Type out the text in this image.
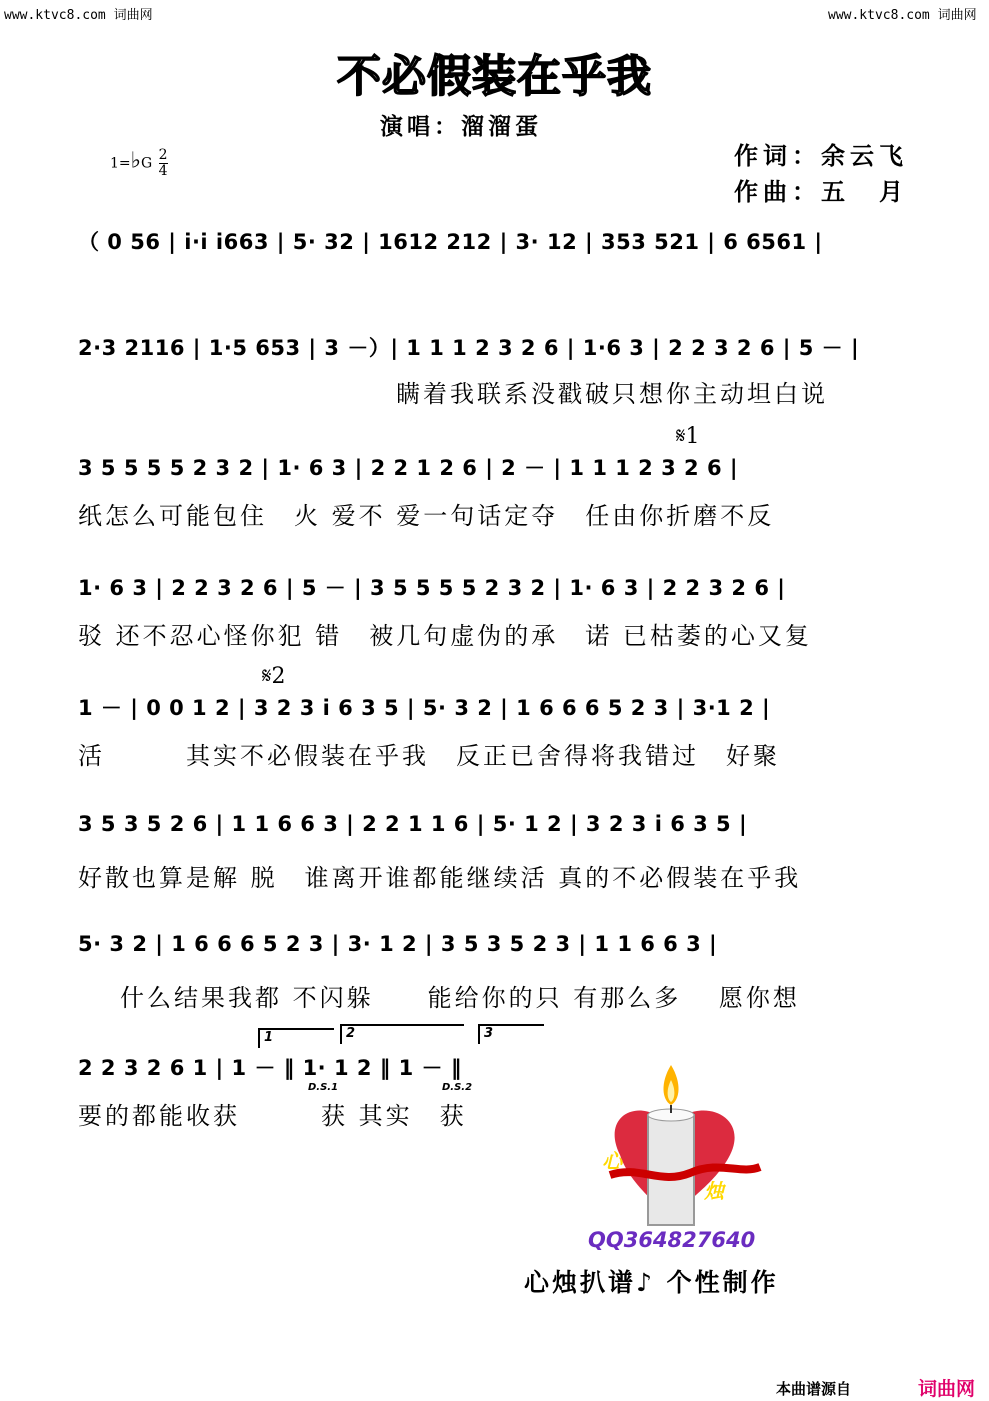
www.ktvc8.com 词曲网	www.ktvc8.com 词曲网
不必假装在乎我
演唱：溜溜蛋
作词：余云飞
作曲：五　月
1=♭G $\frac{2}{4}$
（ 0 56 | i·i i663 | 5· 32 | 1612 212 | 3· 12 | 353 521 | 6 6561 |
2·3 2116 | 1·5 653 | 3 －）| 1 1 1 2 3 2 6 | 1·6 3 | 2 2 3 2 6 | 5 － |
瞒着我联系没戳破只想你主动坦白说
𝄋1
3 5 5 5 5 2 3 2 | 1· 6 3 | 2 2 1 2 6 | 2 － | 1 1 1 2 3 2 6 |
纸怎么可能包住　火 爱不 爱一句话定夺　任由你折磨不反
1· 6 3 | 2 2 3 2 6 | 5 － | 3 5 5 5 5 2 3 2 | 1· 6 3 | 2 2 3 2 6 |
驳 还不忍心怪你犯 错　被几句虚伪的承　诺 已枯萎的心又复
𝄋2
1 － | 0 0 1 2 | 3 2 3 i 6 3 5 | 5· 3 2 | 1 6 6 6 5 2 3 | 3·1 2 |
活　　　其实不必假装在乎我　反正已舍得将我错过　好聚
3 5 3 5 2 6 | 1 1 6 6 3 | 2 2 1 1 6 | 5· 1 2 | 3 2 3 i 6 3 5 |
好散也算是解 脱　谁离开谁都能继续活 真的不必假装在乎我
5· 3 2 | 1 6 6 6 5 2 3 | 3· 1 2 | 3 5 3 5 2 3 | 1 1 6 6 3 |
什么结果我都 不闪躲　　能给你的只 有那么多　 愿你想
1	2	3
2 2 3 2 6 1 | 1 － ‖ 1· 1 2 ‖ 1 － ‖
D.S.1	D.S.2
要的都能收获　　　获 其实　获
心
烛
QQ364827640
心烛扒谱♪ 个性制作
本曲谱源自	词曲网
